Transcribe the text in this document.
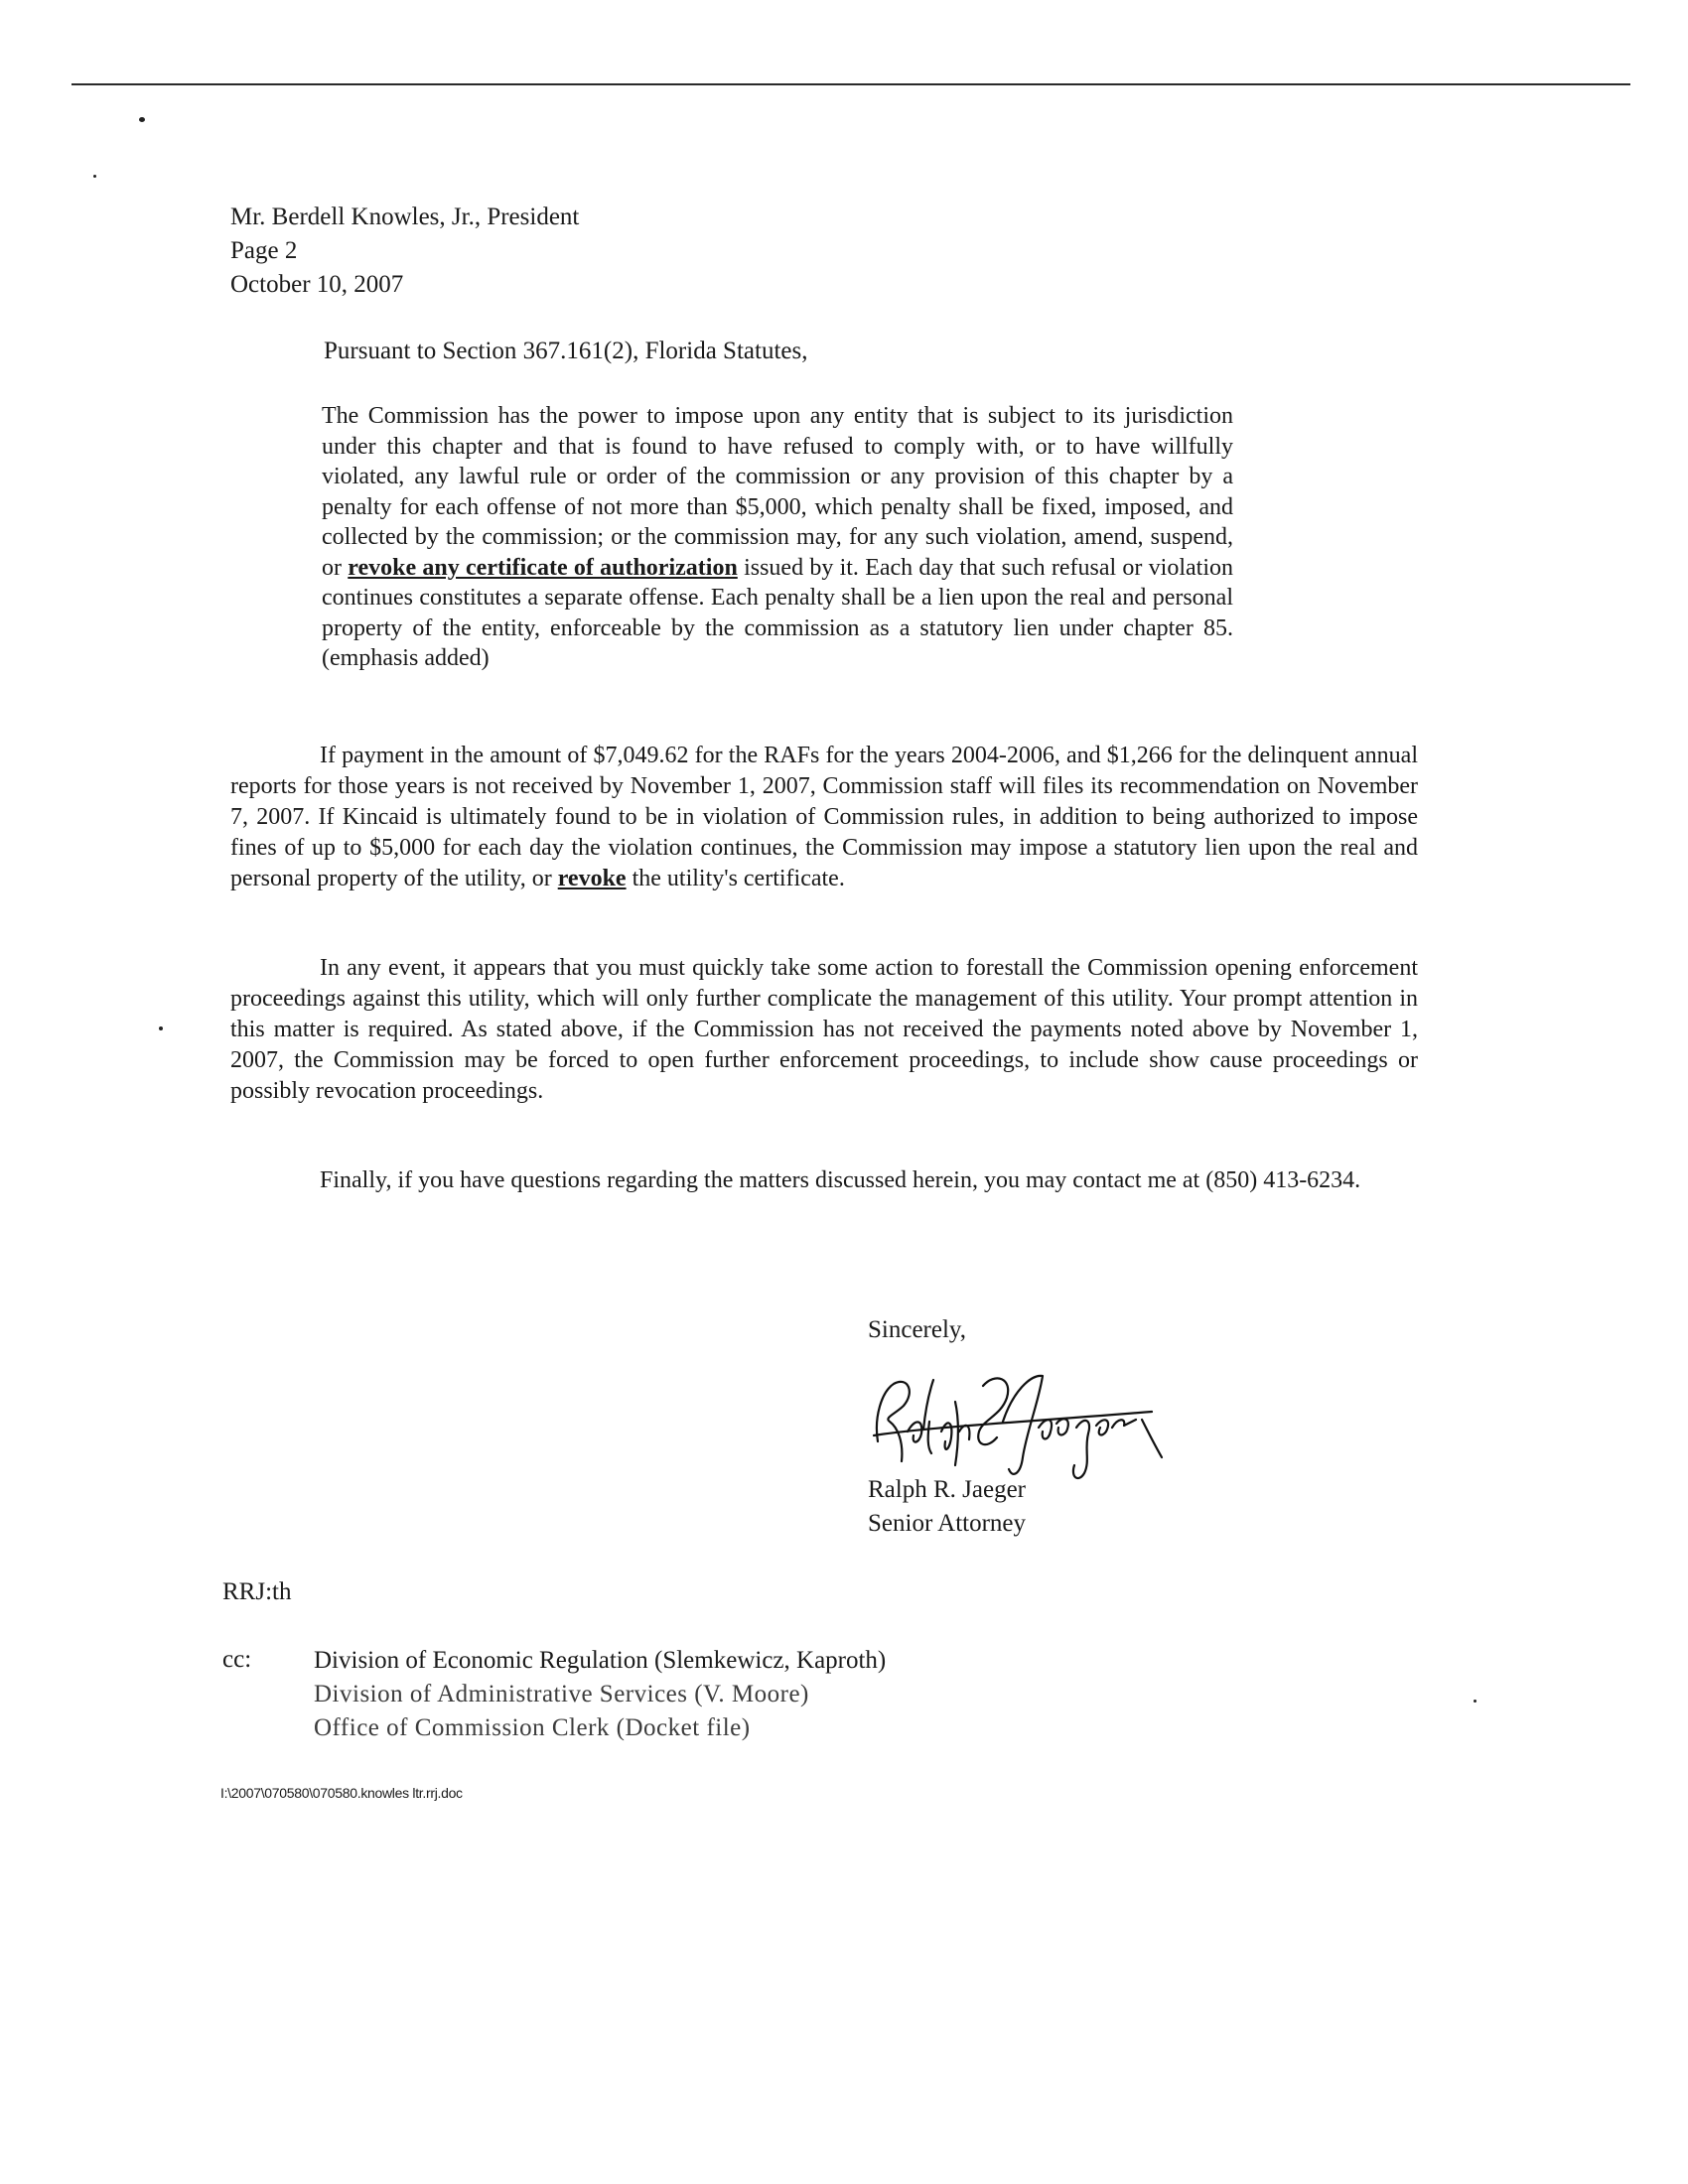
Mr. Berdell Knowles, Jr., President
Page 2
October 10, 2007
Pursuant to Section 367.161(2), Florida Statutes,
The Commission has the power to impose upon any entity that is subject to its jurisdiction under this chapter and that is found to have refused to comply with, or to have willfully violated, any lawful rule or order of the commission or any provision of this chapter by a penalty for each offense of not more than $5,000, which penalty shall be fixed, imposed, and collected by the commission; or the commission may, for any such violation, amend, suspend, or revoke any certificate of authorization issued by it. Each day that such refusal or violation continues constitutes a separate offense. Each penalty shall be a lien upon the real and personal property of the entity, enforceable by the commission as a statutory lien under chapter 85. (emphasis added)
If payment in the amount of $7,049.62 for the RAFs for the years 2004-2006, and $1,266 for the delinquent annual reports for those years is not received by November 1, 2007, Commission staff will files its recommendation on November 7, 2007. If Kincaid is ultimately found to be in violation of Commission rules, in addition to being authorized to impose fines of up to $5,000 for each day the violation continues, the Commission may impose a statutory lien upon the real and personal property of the utility, or revoke the utility's certificate.
In any event, it appears that you must quickly take some action to forestall the Commission opening enforcement proceedings against this utility, which will only further complicate the management of this utility. Your prompt attention in this matter is required. As stated above, if the Commission has not received the payments noted above by November 1, 2007, the Commission may be forced to open further enforcement proceedings, to include show cause proceedings or possibly revocation proceedings.
Finally, if you have questions regarding the matters discussed herein, you may contact me at (850) 413-6234.
Sincerely,
Ralph R. Jaeger
Senior Attorney
RRJ:th
cc:	Division of Economic Regulation (Slemkewicz, Kaproth)
Division of Administrative Services (V. Moore)
Office of Commission Clerk (Docket file)
I:\2007\070580\070580.knowles ltr.rrj.doc
